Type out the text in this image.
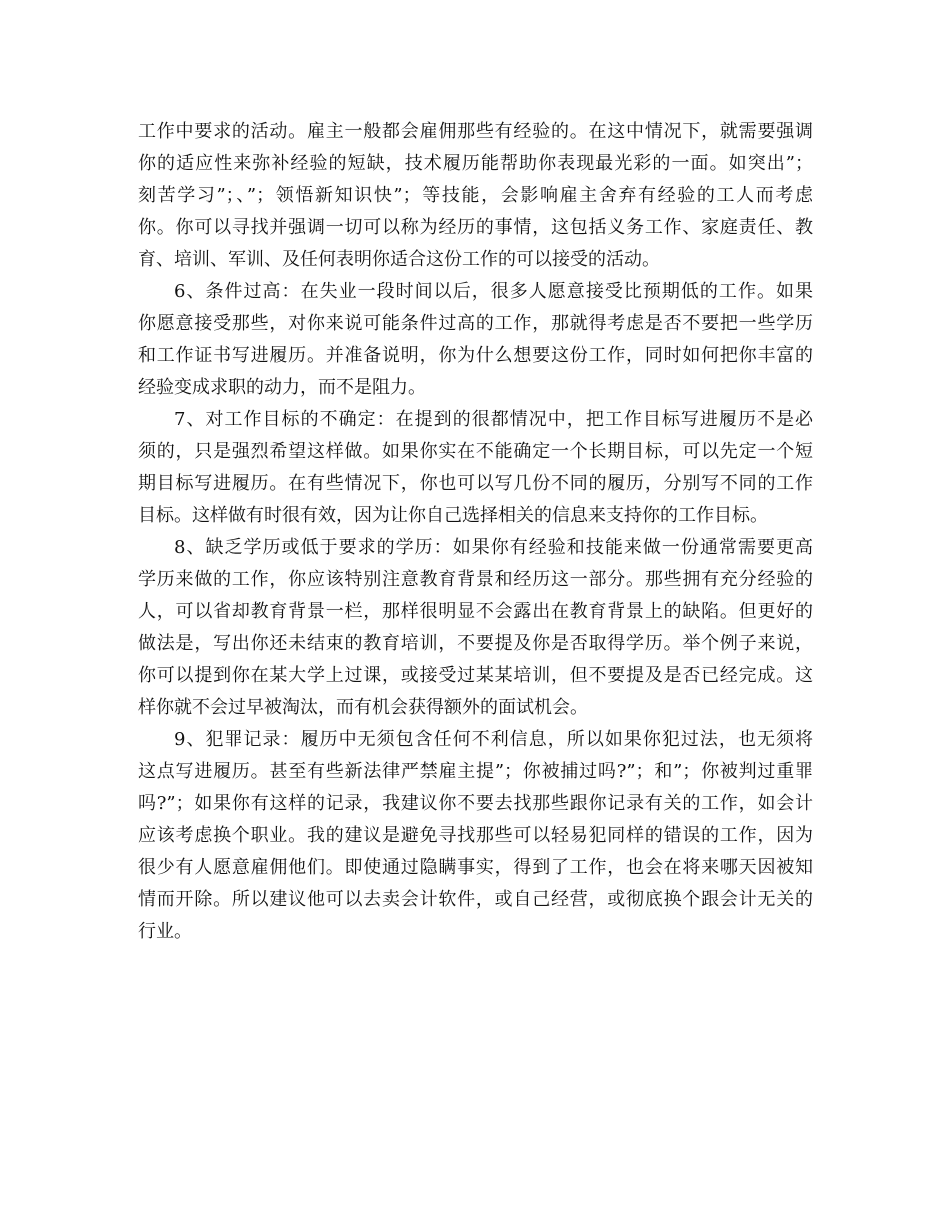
工作中要求的活动。雇主一般都会雇佣那些有经验的。在这中情况下，就需要强调
你的适应性来弥补经验的短缺，技术履历能帮助你表现最光彩的一面。如突出”；
刻苦学习”；、”；领悟新知识快”；等技能，会影响雇主舍弃有经验的工人而考虑
你。你可以寻找并强调一切可以称为经历的事情，这包括义务工作、家庭责任、教
育、培训、军训、及任何表明你适合这份工作的可以接受的活动。
6、条件过高：在失业一段时间以后，很多人愿意接受比预期低的工作。如果
你愿意接受那些，对你来说可能条件过高的工作，那就得考虑是否不要把一些学历
和工作证书写进履历。并准备说明，你为什么想要这份工作，同时如何把你丰富的
经验变成求职的动力，而不是阻力。
7、对工作目标的不确定：在提到的很都情况中，把工作目标写进履历不是必
须的，只是强烈希望这样做。如果你实在不能确定一个长期目标，可以先定一个短
期目标写进履历。在有些情况下，你也可以写几份不同的履历，分别写不同的工作
目标。这样做有时很有效，因为让你自己选择相关的信息来支持你的工作目标。
8、缺乏学历或低于要求的学历：如果你有经验和技能来做一份通常需要更高
学历来做的工作，你应该特别注意教育背景和经历这一部分。那些拥有充分经验的
人，可以省却教育背景一栏，那样很明显不会露出在教育背景上的缺陷。但更好的
做法是，写出你还未结束的教育培训，不要提及你是否取得学历。举个例子来说，
你可以提到你在某大学上过课，或接受过某某培训，但不要提及是否已经完成。这
样你就不会过早被淘汰，而有机会获得额外的面试机会。
9、犯罪记录：履历中无须包含任何不利信息，所以如果你犯过法，也无须将
这点写进履历。甚至有些新法律严禁雇主提”；你被捕过吗?”；和”；你被判过重罪
吗?”；如果你有这样的记录，我建议你不要去找那些跟你记录有关的工作，如会计
应该考虑换个职业。我的建议是避免寻找那些可以轻易犯同样的错误的工作，因为
很少有人愿意雇佣他们。即使通过隐瞒事实，得到了工作，也会在将来哪天因被知
情而开除。所以建议他可以去卖会计软件，或自己经营，或彻底换个跟会计无关的
行业。
